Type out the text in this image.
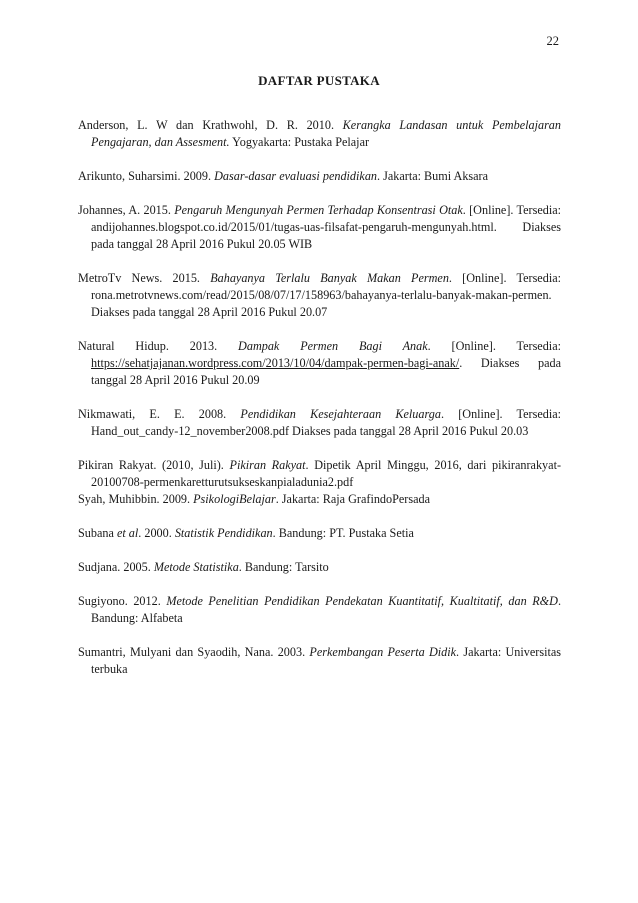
22
DAFTAR PUSTAKA

Anderson, L. W dan Krathwohl, D. R. 2010. Kerangka Landasan untuk Pembelajaran Pengajaran, dan Assesment. Yogyakarta: Pustaka Pelajar

Arikunto, Suharsimi. 2009. Dasar-dasar evaluasi pendidikan. Jakarta: Bumi Aksara

Johannes, A. 2015. Pengaruh Mengunyah Permen Terhadap Konsentrasi Otak. [Online]. Tersedia: andijohannes.blogspot.co.id/2015/01/tugas-uas-filsafat-pengaruh-mengunyah.html. Diakses pada tanggal 28 April 2016 Pukul 20.05 WIB

MetroTv News. 2015. Bahayanya Terlalu Banyak Makan Permen. [Online]. Tersedia: rona.metrotvnews.com/read/2015/08/07/17/158963/bahayanya-terlalu-banyak-makan-permen. Diakses pada tanggal 28 April 2016 Pukul 20.07

Natural Hidup. 2013. Dampak Permen Bagi Anak. [Online]. Tersedia: https://sehatjajanan.wordpress.com/2013/10/04/dampak-permen-bagi-anak/. Diakses pada tanggal 28 April 2016 Pukul 20.09

Nikmawati, E. E. 2008. Pendidikan Kesejahteraan Keluarga. [Online]. Tersedia: Hand_out_candy-12_november2008.pdf Diakses pada tanggal 28 April 2016 Pukul 20.03

Pikiran Rakyat. (2010, Juli). Pikiran Rakyat. Dipetik April Minggu, 2016, dari pikiranrakyat-20100708-permenkaretturutsukseskanpialadunia2.pdf

Syah, Muhibbin. 2009. PsikologiBelajar. Jakarta: Raja GrafindoPersada

Subana et al. 2000. Statistik Pendidikan. Bandung: PT. Pustaka Setia

Sudjana. 2005. Metode Statistika. Bandung: Tarsito

Sugiyono. 2012. Metode Penelitian Pendidikan Pendekatan Kuantitatif, Kualtitatif, dan R&D. Bandung: Alfabeta

Sumantri, Mulyani dan Syaodih, Nana. 2003. Perkembangan Peserta Didik. Jakarta: Universitas terbuka
